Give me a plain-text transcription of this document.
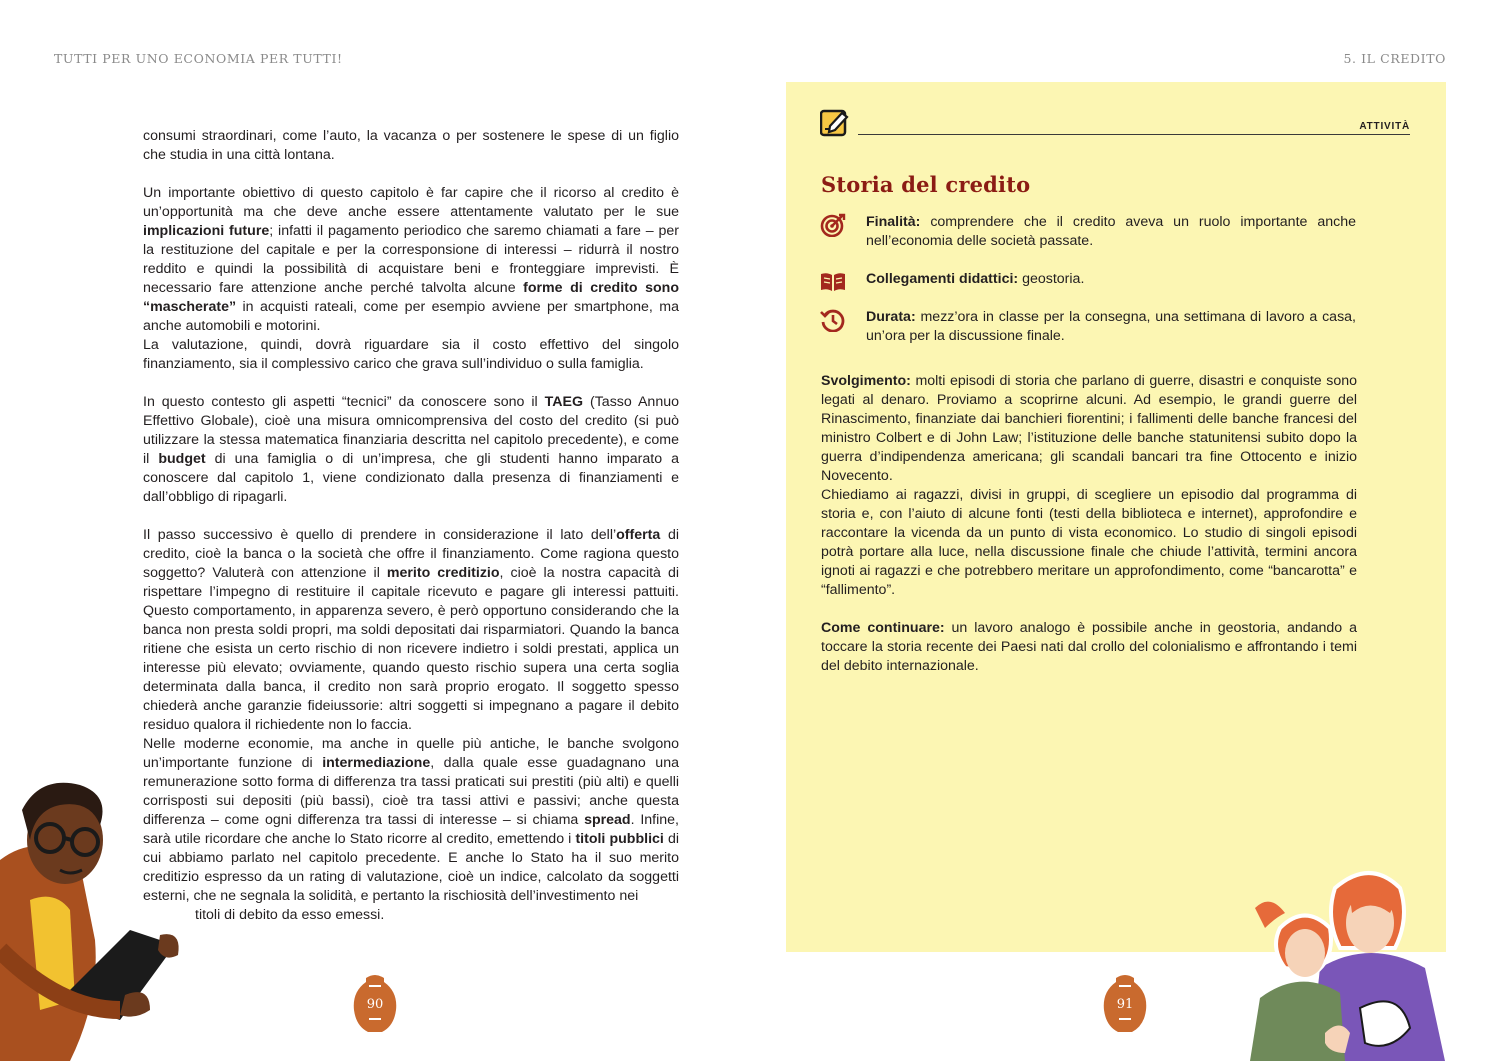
TUTTI PER UNO ECONOMIA PER TUTTI!	5. IL CREDITO

consumi straordinari, come l’auto, la vacanza o per sostenere le spese di un figlio che studia in una città lontana.

Un importante obiettivo di questo capitolo è far capire che il ricorso al credito è un’opportunità ma che deve anche essere attentamente valutato per le sue implicazioni future; infatti il pagamento periodico che saremo chiamati a fare – per la restituzione del capitale e per la corresponsione di interessi – ridurrà il nostro reddito e quindi la possibilità di acquistare beni e fronteggiare imprevisti. È necessario fare attenzione anche perché talvolta alcune forme di credito sono “mascherate” in acquisti rateali, come per esempio avviene per smartphone, ma anche automobili e motorini.

La valutazione, quindi, dovrà riguardare sia il costo effettivo del singolo finanziamento, sia il complessivo carico che grava sull’individuo o sulla famiglia.

In questo contesto gli aspetti “tecnici” da conoscere sono il TAEG (Tasso Annuo Effettivo Globale), cioè una misura omnicomprensiva del costo del credito (si può utilizzare la stessa matematica finanziaria descritta nel capitolo precedente), e come il budget di una famiglia o di un’impresa, che gli studenti hanno imparato a conoscere dal capitolo 1, viene condizionato dalla presenza di finanziamenti e dall’obbligo di ripagarli.

Il passo successivo è quello di prendere in considerazione il lato dell’offerta di credito, cioè la banca o la società che offre il finanziamento. Come ragiona questo soggetto? Valuterà con attenzione il merito creditizio, cioè la nostra capacità di rispettare l’impegno di restituire il capitale ricevuto e pagare gli interessi pattuiti. Questo comportamento, in apparenza severo, è però opportuno considerando che la banca non presta soldi propri, ma soldi depositati dai risparmiatori. Quando la banca ritiene che esista un certo rischio di non ricevere indietro i soldi prestati, applica un interesse più elevato; ovviamente, quando questo rischio supera una certa soglia determinata dalla banca, il credito non sarà proprio erogato. Il soggetto spesso chiederà anche garanzie fideiussorie: altri soggetti si impegnano a pagare il debito residuo qualora il richiedente non lo faccia.

Nelle moderne economie, ma anche in quelle più antiche, le banche svolgono un’importante funzione di intermediazione, dalla quale esse guadagnano una remunerazione sotto forma di differenza tra tassi praticati sui prestiti (più alti) e quelli corrisposti sui depositi (più bassi), cioè tra tassi attivi e passivi; anche questa differenza – come ogni differenza tra tassi di interesse – si chiama spread. Infine, sarà utile ricordare che anche lo Stato ricorre al credito, emettendo i titoli pubblici di cui abbiamo parlato nel capitolo precedente. E anche lo Stato ha il suo merito creditizio espresso da un rating di valutazione, cioè un indice, calcolato da soggetti esterni, che ne segnala la solidità, e pertanto la rischiosità dell’investimento nei

titoli di debito da esso emessi.

90
ATTIVITÀ
Storia del credito
Finalità: comprendere che il credito aveva un ruolo importante anche nell’economia delle società passate.
Collegamenti didattici: geostoria.
Durata: mezz’ora in classe per la consegna, una settimana di lavoro a casa, un’ora per la discussione finale.

Svolgimento: molti episodi di storia che parlano di guerre, disastri e conquiste sono legati al denaro. Proviamo a scoprirne alcuni. Ad esempio, le grandi guerre del Rinascimento, finanziate dai banchieri fiorentini; i fallimenti delle banche francesi del ministro Colbert e di John Law; l’istituzione delle banche statunitensi subito dopo la guerra d’indipendenza americana; gli scandali bancari tra fine Ottocento e inizio Novecento.

Chiediamo ai ragazzi, divisi in gruppi, di scegliere un episodio dal programma di storia e, con l’aiuto di alcune fonti (testi della biblioteca e internet), approfondire e raccontare la vicenda da un punto di vista economico. Lo studio di singoli episodi potrà portare alla luce, nella discussione finale che chiude l’attività, termini ancora ignoti ai ragazzi e che potrebbero meritare un approfondimento, come “bancarotta” e “fallimento”.

Come continuare: un lavoro analogo è possibile anche in geostoria, andando a toccare la storia recente dei Paesi nati dal crollo del colonialismo e affrontando i temi del debito internazionale.

91
